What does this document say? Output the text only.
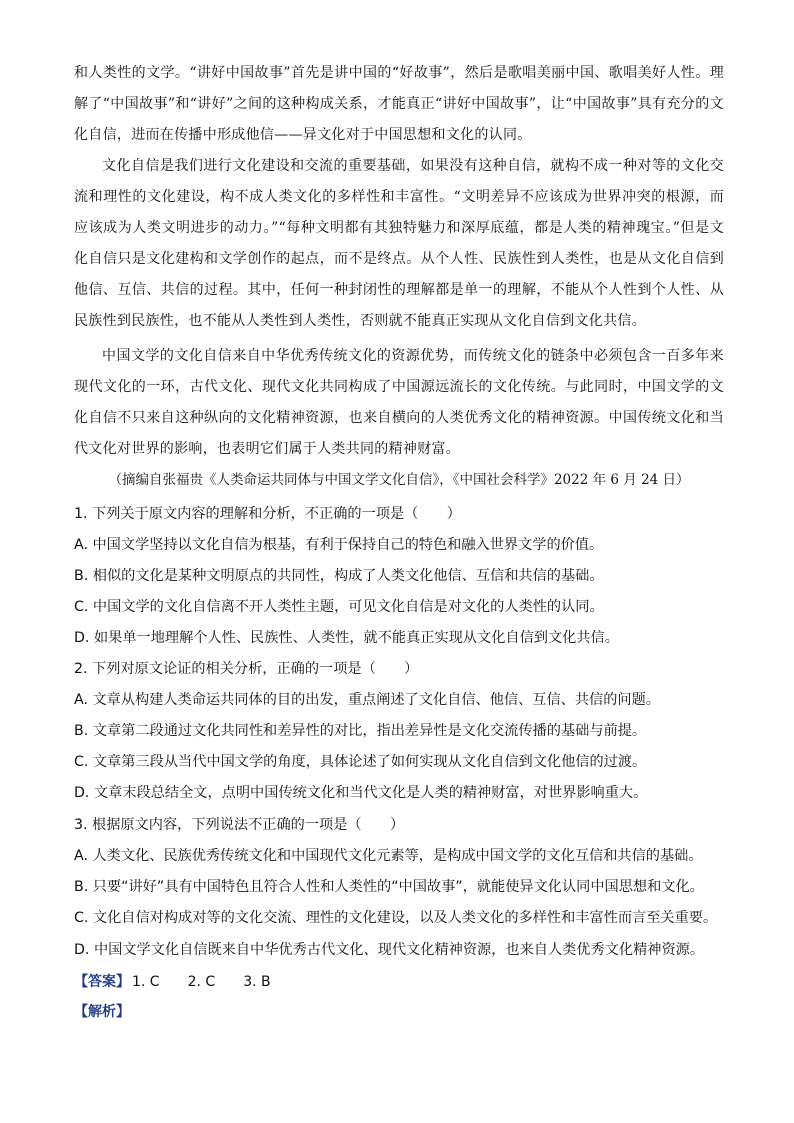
和人类性的文学。“讲好中国故事”首先是讲中国的“好故事”，然后是歌唱美丽中国、歌唱美好人性。理解了“中国故事”和“讲好”之间的这种构成关系，才能真正“讲好中国故事”，让“中国故事”具有充分的文化自信，进而在传播中形成他信——异文化对于中国思想和文化的认同。

文化自信是我们进行文化建设和交流的重要基础，如果没有这种自信，就构不成一种对等的文化交流和理性的文化建设，构不成人类文化的多样性和丰富性。“文明差异不应该成为世界冲突的根源，而应该成为人类文明进步的动力。”“每种文明都有其独特魅力和深厚底蕴，都是人类的精神瑰宝。”但是文化自信只是文化建构和文学创作的起点，而不是终点。从个人性、民族性到人类性，也是从文化自信到他信、互信、共信的过程。其中，任何一种封闭性的理解都是单一的理解，不能从个人性到个人性、从民族性到民族性，也不能从人类性到人类性，否则就不能真正实现从文化自信到文化共信。

中国文学的文化自信来自中华优秀传统文化的资源优势，而传统文化的链条中必须包含一百多年来现代文化的一环，古代文化、现代文化共同构成了中国源远流长的文化传统。与此同时，中国文学的文化自信不只来自这种纵向的文化精神资源，也来自横向的人类优秀文化的精神资源。中国传统文化和当代文化对世界的影响，也表明它们属于人类共同的精神财富。

（摘编自张福贵《人类命运共同体与中国文学文化自信》，《中国社会科学》2022 年 6 月 24 日）

1. 下列关于原文内容的理解和分析，不正确的一项是（　　）

A. 中国文学坚持以文化自信为根基，有利于保持自己的特色和融入世界文学的价值。

B. 相似的文化是某种文明原点的共同性，构成了人类文化他信、互信和共信的基础。

C. 中国文学的文化自信离不开人类性主题，可见文化自信是对文化的人类性的认同。

D. 如果单一地理解个人性、民族性、人类性，就不能真正实现从文化自信到文化共信。

2. 下列对原文论证的相关分析，正确的一项是（　　）

A. 文章从构建人类命运共同体的目的出发，重点阐述了文化自信、他信、互信、共信的问题。

B. 文章第二段通过文化共同性和差异性的对比，指出差异性是文化交流传播的基础与前提。

C. 文章第三段从当代中国文学的角度，具体论述了如何实现从文化自信到文化他信的过渡。

D. 文章末段总结全文，点明中国传统文化和当代文化是人类的精神财富，对世界影响重大。

3. 根据原文内容，下列说法不正确的一项是（　　）

A. 人类文化、民族优秀传统文化和中国现代文化元素等，是构成中国文学的文化互信和共信的基础。

B. 只要“讲好”具有中国特色且符合人性和人类性的“中国故事”，就能使异文化认同中国思想和文化。

C. 文化自信对构成对等的文化交流、理性的文化建设，以及人类文化的多样性和丰富性而言至关重要。

D. 中国文学文化自信既来自中华优秀古代文化、现代文化精神资源，也来自人类优秀文化精神资源。

【答案】 1. C 2. C 3. B

【解析】
